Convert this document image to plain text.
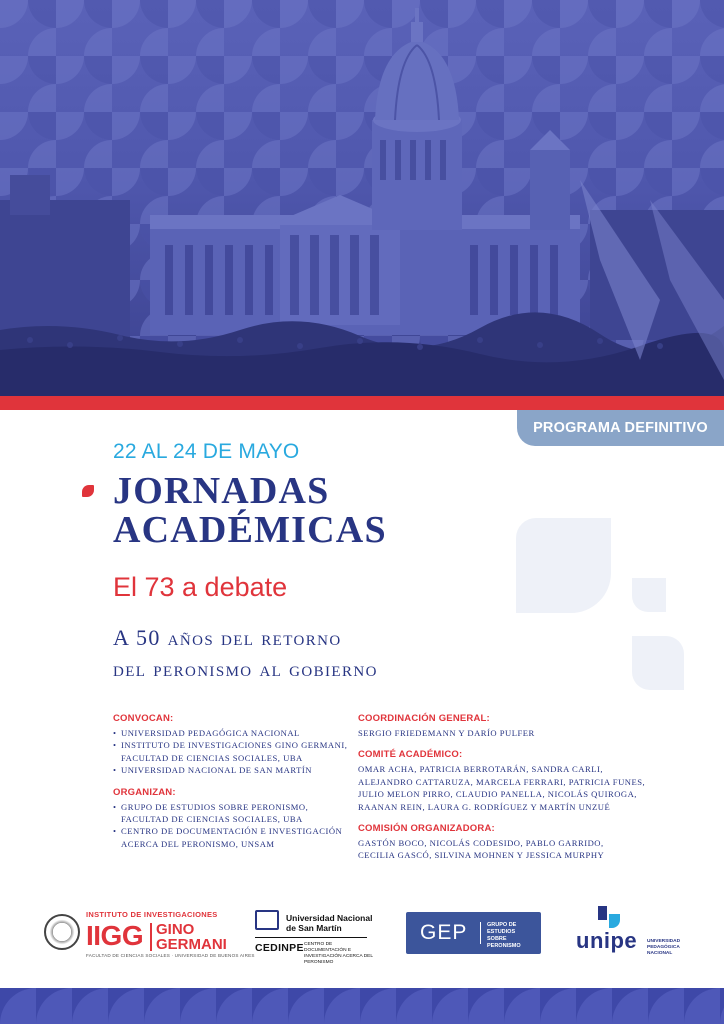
PROGRAMA DEFINITIVO
22 AL 24 DE MAYO
JORNADAS
ACADÉMICAS
El 73 a debate
A 50 años del retorno
del peronismo al gobierno
CONVOCAN:
• UNIVERSIDAD PEDAGÓGICA NACIONAL
• INSTITUTO DE INVESTIGACIONES GINO GERMANI,
FACULTAD DE CIENCIAS SOCIALES, UBA
• UNIVERSIDAD NACIONAL DE SAN MARTÍN
ORGANIZAN:
• GRUPO DE ESTUDIOS SOBRE PERONISMO,
FACULTAD DE CIENCIAS SOCIALES, UBA
• CENTRO DE DOCUMENTACIÓN E INVESTIGACIÓN
ACERCA DEL PERONISMO, UNSAM
COORDINACIÓN GENERAL:
SERGIO FRIEDEMANN Y DARÍO PULFER
COMITÉ ACADÉMICO:
OMAR ACHA, PATRICIA BERROTARÁN, SANDRA CARLI,
ALEJANDRO CATTARUZA, MARCELA FERRARI, PATRICIA FUNES,
JULIO MELON PIRRO, CLAUDIO PANELLA, NICOLÁS QUIROGA,
RAANAN REIN, LAURA G. RODRÍGUEZ Y MARTÍN UNZUÉ
COMISIÓN ORGANIZADORA:
GASTÓN BOCO, NICOLÁS CODESIDO, PABLO GARRIDO,
CECILIA GASCÓ, SILVINA MOHNEN Y JESSICA MURPHY
INSTITUTO DE INVESTIGACIONES
IIGG GINO
GERMANI
FACULTAD DE CIENCIAS SOCIALES · UNIVERSIDAD DE BUENOS AIRES
Universidad Nacional
de San Martín
CEDINPE CENTRO DE DOCUMENTACIÓN E
INVESTIGACIÓN ACERCA DEL
PERONISMO
GEP	GRUPO DE
ESTUDIOS
SOBRE
PERONISMO	unipe UNIVERSIDAD
PEDAGÓGICA
NACIONAL
